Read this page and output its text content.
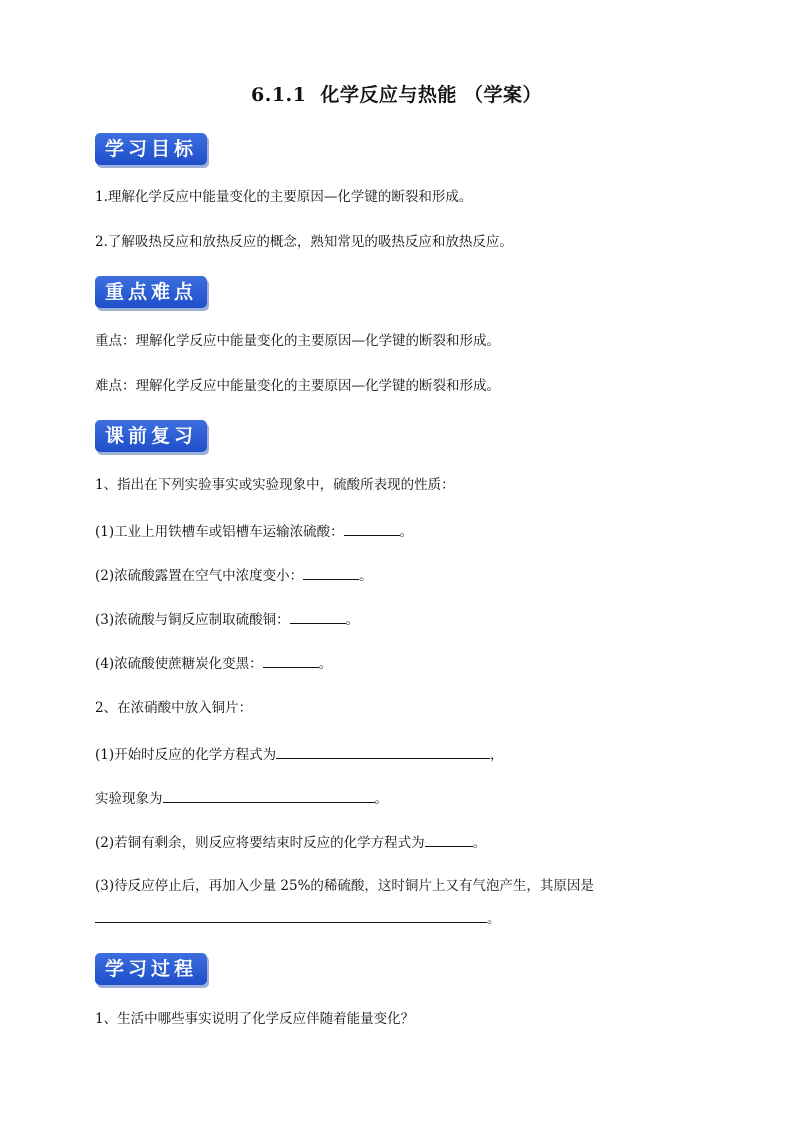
6.1.1 化学反应与热能 （学案）
学习目标
1.理解化学反应中能量变化的主要原因—化学键的断裂和形成。
2.了解吸热反应和放热反应的概念，熟知常见的吸热反应和放热反应。
重点难点
重点：理解化学反应中能量变化的主要原因—化学键的断裂和形成。
难点：理解化学反应中能量变化的主要原因—化学键的断裂和形成。
课前复习
1、指出在下列实验事实或实验现象中，硫酸所表现的性质：
(1)工业上用铁槽车或铝槽车运输浓硫酸：	。
(2)浓硫酸露置在空气中浓度变小：	。
(3)浓硫酸与铜反应制取硫酸铜：	。
(4)浓硫酸使蔗糖炭化变黑：	。
2、在浓硝酸中放入铜片：
(1)开始时反应的化学方程式为	，
实验现象为	。
(2)若铜有剩余，则反应将要结束时反应的化学方程式为	。
(3)待反应停止后，再加入少量 25%的稀硫酸，这时铜片上又有气泡产生，其原因是
。
学习过程
1、生活中哪些事实说明了化学反应伴随着能量变化？
